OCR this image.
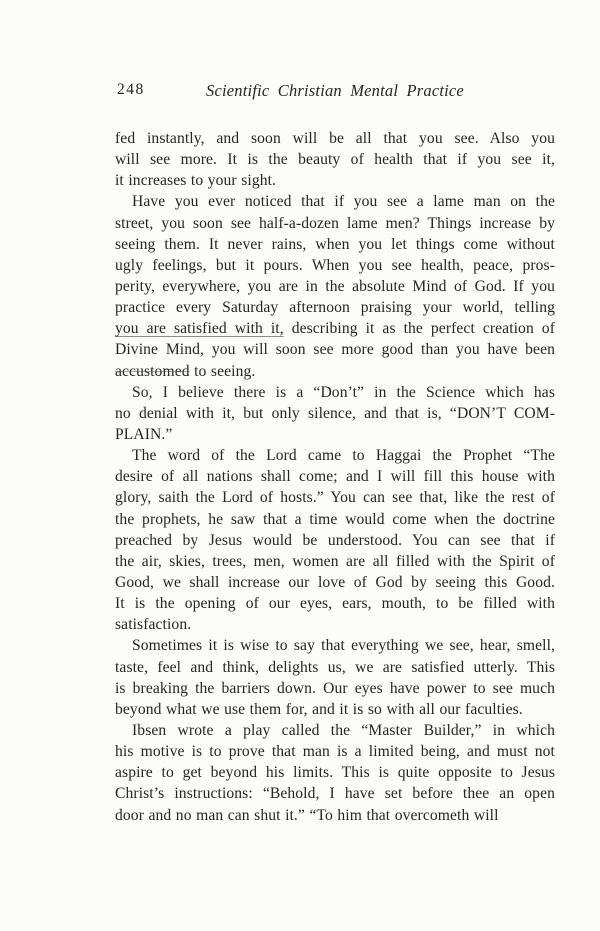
248	Scientific Christian Mental Practice
fed instantly, and soon will be all that you see. Also you
will see more. It is the beauty of health that if you see it,
it increases to your sight.
Have you ever noticed that if you see a lame man on the
street, you soon see half-a-dozen lame men? Things increase by
seeing them. It never rains, when you let things come without
ugly feelings, but it pours. When you see health, peace, pros-
perity, everywhere, you are in the absolute Mind of God. If you
practice every Saturday afternoon praising your world, telling
you are satisfied with it, describing it as the perfect creation of
Divine Mind, you will soon see more good than you have been
accustomed to seeing.
So, I believe there is a “Don’t” in the Science which has
no denial with it, but only silence, and that is, “DON’T COM-
PLAIN.”
The word of the Lord came to Haggai the Prophet “The
desire of all nations shall come; and I will fill this house with
glory, saith the Lord of hosts.” You can see that, like the rest of
the prophets, he saw that a time would come when the doctrine
preached by Jesus would be understood. You can see that if
the air, skies, trees, men, women are all filled with the Spirit of
Good, we shall increase our love of God by seeing this Good.
It is the opening of our eyes, ears, mouth, to be filled with
satisfaction.
Sometimes it is wise to say that everything we see, hear, smell,
taste, feel and think, delights us, we are satisfied utterly. This
is breaking the barriers down. Our eyes have power to see much
beyond what we use them for, and it is so with all our faculties.
Ibsen wrote a play called the “Master Builder,” in which
his motive is to prove that man is a limited being, and must not
aspire to get beyond his limits. This is quite opposite to Jesus
Christ’s instructions: “Behold, I have set before thee an open
door and no man can shut it.” “To him that overcometh will
